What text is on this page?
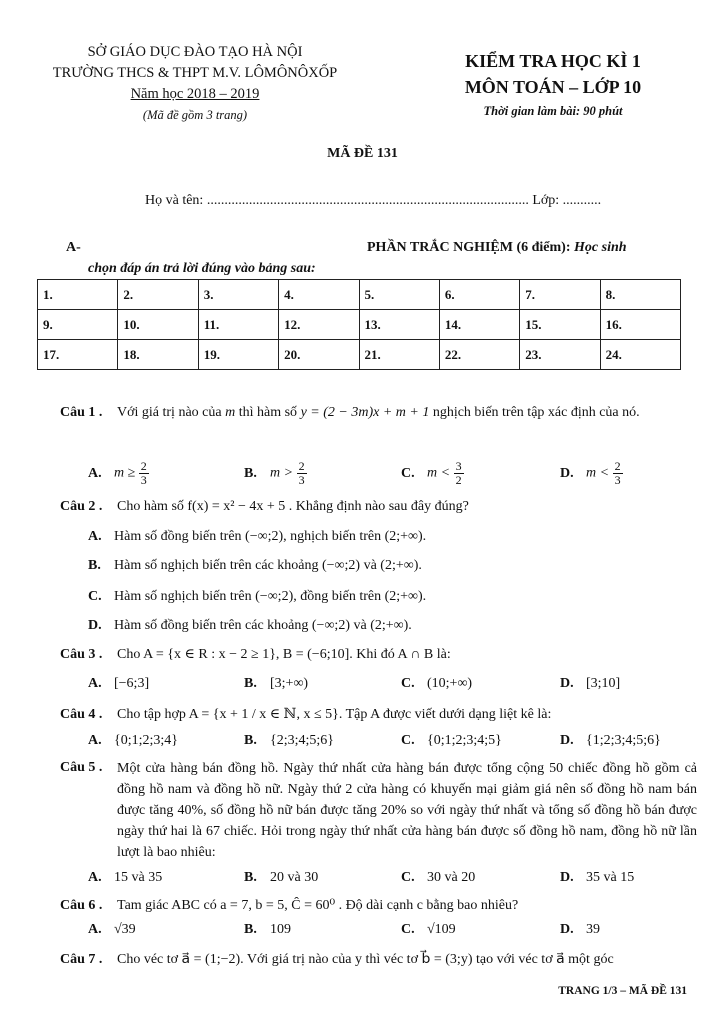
SỞ GIÁO DỤC ĐÀO TẠO HÀ NỘI
TRƯỜNG THCS & THPT M.V. LÔMÔNÔXỐP
Năm học 2018 – 2019
(Mã đề gồm 3 trang)
KIỂM TRA HỌC KÌ 1
MÔN TOÁN – LỚP 10
Thời gian làm bài: 90 phút
MÃ ĐỀ 131
Họ và tên: ............................................................................................ Lớp: ...........
A-	PHẦN TRẮC NGHIỆM (6 điểm): Học sinh
chọn đáp án trả lời đúng vào bảng sau:
1.	2.	3.	4.	5.	6.	7.	8.
9.	10.	11.	12.	13.	14.	15.	16.
17.	18.	19.	20.	21.	22.	23.	24.
Câu 1 . Với giá trị nào của m thì hàm số y = (2 − 3m)x + m + 1 nghịch biến trên tập xác định của nó.
A. $m \ge \frac{2}{3}$	B. $m > \frac{2}{3}$	C. $m < \frac{3}{2}$	D. $m < \frac{2}{3}$
Câu 2 . Cho hàm số f(x) = x² − 4x + 5 . Khẳng định nào sau đây đúng?
A. Hàm số đồng biến trên (−∞;2), nghịch biến trên (2;+∞).
B. Hàm số nghịch biến trên các khoảng (−∞;2) và (2;+∞).
C. Hàm số nghịch biến trên (−∞;2), đồng biến trên (2;+∞).
D. Hàm số đồng biến trên các khoảng (−∞;2) và (2;+∞).
Câu 3 . Cho A = {x ∈ R : x − 2 ≥ 1}, B = (−6;10]. Khi đó A ∩ B là:
A. [−6;3]	B. [3;+∞)	C. (10;+∞)	D. [3;10]
Câu 4 . Cho tập hợp A = {x + 1 / x ∈ ℕ, x ≤ 5}. Tập A được viết dưới dạng liệt kê là:
A. {0;1;2;3;4}	B. {2;3;4;5;6}	C. {0;1;2;3;4;5}	D. {1;2;3;4;5;6}
Câu 5 . Một cửa hàng bán đồng hồ. Ngày thứ nhất cửa hàng bán được tổng cộng 50 chiếc đồng hồ gồm cả đồng hồ nam và đồng hồ nữ. Ngày thứ 2 cửa hàng có khuyến mại giảm giá nên số đồng hồ nam bán được tăng 40%, số đồng hồ nữ bán được tăng 20% so với ngày thứ nhất và tổng số đồng hồ bán được ngày thứ hai là 67 chiếc. Hỏi trong ngày thứ nhất cửa hàng bán được số đồng hồ nam, đồng hồ nữ lần lượt là bao nhiêu:
A. 15 và 35	B. 20 và 30	C. 30 và 20	D. 35 và 15
Câu 6 . Tam giác ABC có a = 7, b = 5, Ĉ = 60⁰ . Độ dài cạnh c bằng bao nhiêu?
A. √39	B. 109	C. √109	D. 39
Câu 7 . Cho véc tơ a⃗ = (1;−2). Với giá trị nào của y thì véc tơ b⃗ = (3;y) tạo với véc tơ a⃗ một góc
TRANG 1/3 – MÃ ĐỀ 131
